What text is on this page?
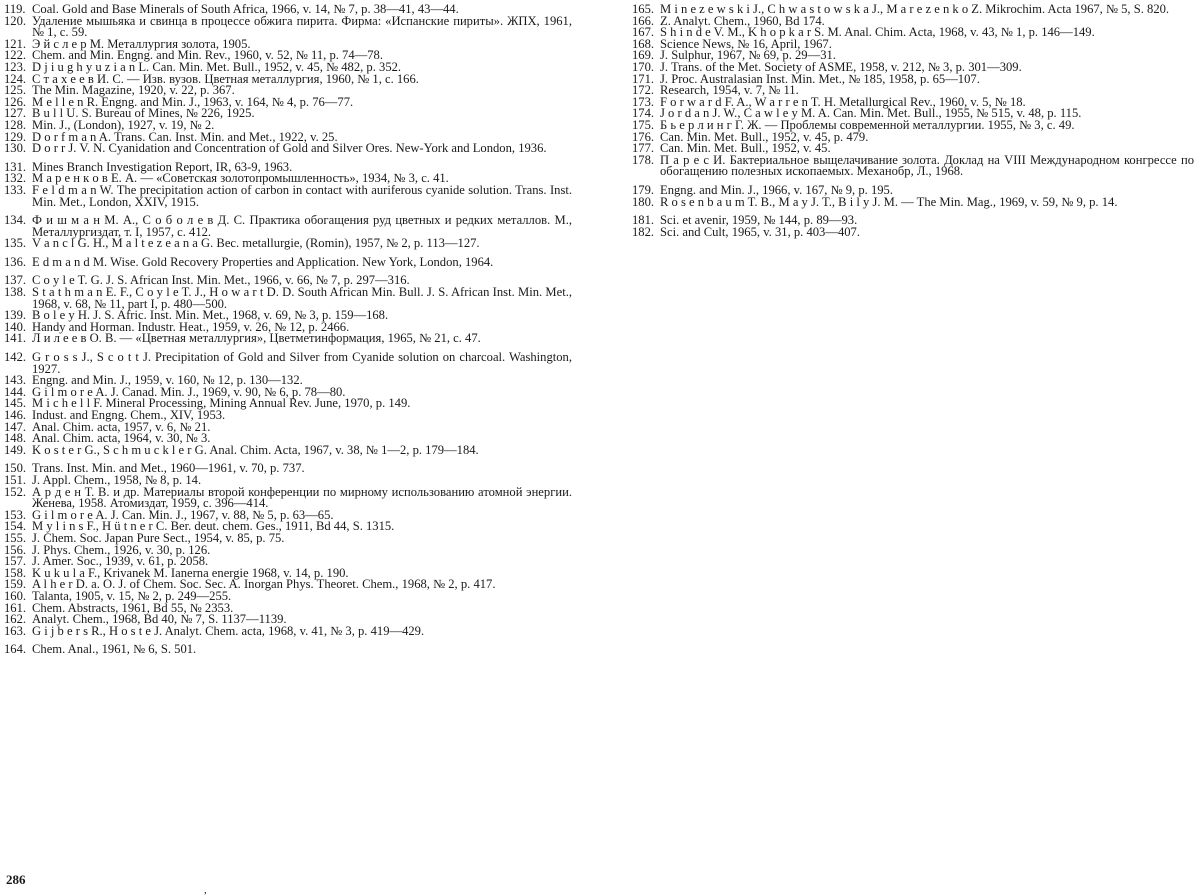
119. Coal. Gold and Base Minerals of South Africa, 1966, v. 14, № 7, p. 38—41, 43—44.

120. Удаление мышьяка и свинца в процессе обжига пирита. Фирма: «Испанские пириты». ЖПХ, 1961, № 1, с. 59.

121. Э й с л е р М. Металлургия золота, 1905.

122. Chem. and Min. Engng. and Min. Rev., 1960, v. 52, № 11, p. 74—78.

123. D j i u g h y u z i a n L. Can. Min. Met. Bull., 1952, v. 45, № 482, p. 352.

124. С т а х е е в И. С. — Изв. вузов. Цветная металлургия, 1960, № 1, с. 166.

125. The Min. Magazine, 1920, v. 22, p. 367.

126. M e l l e n R. Engng. and Min. J., 1963, v. 164, № 4, p. 76—77.

127. B u l l U. S. Bureau of Mines, № 226, 1925.

128. Min. J., (London), 1927, v. 19, № 2.

129. D o r f m a n A. Trans. Can. Inst. Min. and Met., 1922, v. 25.

130. D o r r J. V. N. Cyanidation and Concentration of Gold and Silver Ores. New-York and London, 1936.

131. Mines Branch Investigation Report, IR, 63-9, 1963.

132. М а р е н к о в Е. А. — «Советская золотопромышленность», 1934, № 3, с. 41.

133. F e l d m a n W. The precipitation action of carbon in contact with auriferous cyanide solution. Trans. Inst. Min. Met., London, XXIV, 1915.

134. Ф и ш м а н М. А., С о б о л е в Д. С. Практика обогащения руд цветных и редких металлов. М., Металлургиздат, т. I, 1957, с. 412.

135. V a n c l G. H., M a l t e z e a n a G. Bec. metallurgie, (Romin), 1957, № 2, p. 113—127.

136. E d m a n d M. Wise. Gold Recovery Properties and Application. New York, London, 1964.

137. C o y l e T. G. J. S. African Inst. Min. Met., 1966, v. 66, № 7, p. 297—316.

138. S t a t h m a n E. F., C o y l e T. J., H o w a r t D. D. South African Min. Bull. J. S. African Inst. Min. Met., 1968, v. 68, № 11, part I, p. 480—500.

139. B o l e y H. J. S. Afric. Inst. Min. Met., 1968, v. 69, № 3, p. 159—168.

140. Handy and Horman. Industr. Heat., 1959, v. 26, № 12, p. 2466.

141. Л и л е е в О. В. — «Цветная металлургия», Цветметинформация, 1965, № 21, с. 47.

142. G r o s s J., S c o t t J. Precipitation of Gold and Silver from Cyanide solution on charcoal. Washington, 1927.

143. Engng. and Min. J., 1959, v. 160, № 12, p. 130—132.

144. G i l m o r e A. J. Canad. Min. J., 1969, v. 90, № 6, p. 78—80.

145. M i c h e l l F. Mineral Processing, Mining Annual Rev. June, 1970, p. 149.

146. Indust. and Engng. Chem., XIV, 1953.

147. Anal. Chim. acta, 1957, v. 6, № 21.

148. Anal. Chim. acta, 1964, v. 30, № 3.

149. K o s t e r G., S c h m u c k l e r G. Anal. Chim. Acta, 1967, v. 38, № 1—2, p. 179—184.

150. Trans. Inst. Min. and Met., 1960—1961, v. 70, p. 737.

151. J. Appl. Chem., 1958, № 8, p. 14.

152. А р д е н Т. В. и др. Материалы второй конференции по мирному использованию атомной энергии. Женева, 1958. Атомиздат, 1959, с. 396—414.

153. G i l m o r e A. J. Can. Min. J., 1967, v. 88, № 5, p. 63—65.

154. M y l i n s F., H ü t n e r C. Ber. deut. chem. Ges., 1911, Bd 44, S. 1315.

155. J. Chem. Soc. Japan Pure Sect., 1954, v. 85, p. 75.

156. J. Phys. Chem., 1926, v. 30, p. 126.

157. J. Amer. Soc., 1939, v. 61, p. 2058.

158. K u k u l a F., Krivanek M. Ianerna energie 1968, v. 14, p. 190.

159. A l h e r D. a. O. J. of Chem. Soc. Sec. A. Inorgan Phys. Theoret. Chem., 1968, № 2, p. 417.

160. Talanta, 1905, v. 15, № 2, p. 249—255.

161. Chem. Abstracts, 1961, Bd 55, № 2353.

162. Analyt. Chem., 1968, Bd 40, № 7, S. 1137—1139.

163. G i j b e r s R., H o s t e J. Analyt. Chem. acta, 1968, v. 41, № 3, p. 419—429.

164. Chem. Anal., 1961, № 6, S. 501.

165. M i n e z e w s k i J., C h w a s t o w s k a J., M a r e z e n k o Z. Mikrochim. Acta 1967, № 5, S. 820.

166. Z. Analyt. Chem., 1960, Bd 174.

167. S h i n d e V. M., K h o p k a r S. M. Anal. Chim. Acta, 1968, v. 43, № 1, p. 146—149.

168. Science News, № 16, April, 1967.

169. J. Sulphur, 1967, № 69, p. 29—31.

170. J. Trans. of the Met. Society of ASME, 1958, v. 212, № 3, p. 301—309.

171. J. Proc. Australasian Inst. Min. Met., № 185, 1958, p. 65—107.

172. Research, 1954, v. 7, № 11.

173. F o r w a r d F. A., W a r r e n T. H. Metallurgical Rev., 1960, v. 5, № 18.

174. J o r d a n J. W., C a w l e y M. A. Can. Min. Met. Bull., 1955, № 515, v. 48, p. 115.

175. Б ь е р л и н г Г. Ж. — Проблемы современной металлургии. 1955, № 3, с. 49.

176. Can. Min. Met. Bull., 1952, v. 45, p. 479.

177. Can. Min. Met. Bull., 1952, v. 45.

178. П а р е с И. Бактериальное выщелачивание золота. Доклад на VIII Международном конгрессе по обогащению полезных ископаемых. Механобр, Л., 1968.

179. Engng. and Min. J., 1966, v. 167, № 9, p. 195.

180. R o s e n b a u m T. B., M a y J. T., B i l y J. M. — The Min. Mag., 1969, v. 59, № 9, p. 14.

181. Sci. et avenir, 1959, № 144, p. 89—93.

182. Sci. and Cult, 1965, v. 31, p. 403—407.

286
,
